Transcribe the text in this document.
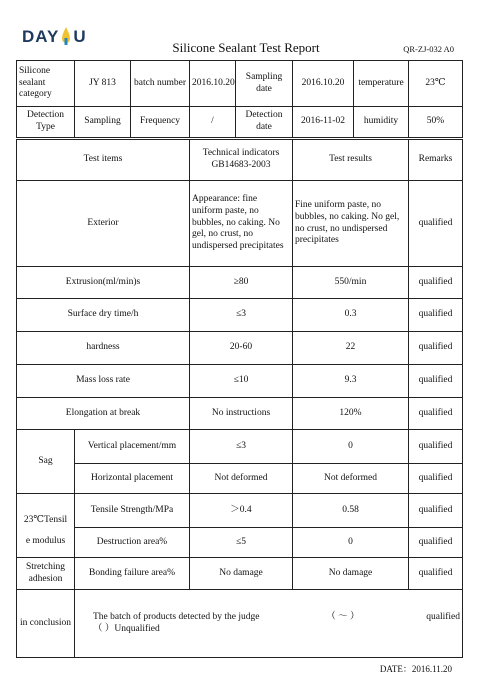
DAY U
Silicone Sealant Test Report	QR-ZJ-032 A0
Silicone sealant category	JY 813	batch number	2016.10.20	Sampling date	2016.10.20	temperature	23℃
Detection Type	Sampling	Frequency	/	Detection date	2016-11-02	humidity	50%
Test items			Technical indicators GB14683-2003		Test results		Remarks
Exterior			Appearance: fine uniform paste, no bubbles, no caking. No gel, no crust, no undispersed precipitates		Fine uniform paste, no bubbles, no caking. No gel, no crust, no undispersed precipitates		qualified
Extrusion(ml/min)s			≥80		550/min		qualified
Surface dry time/h			≤3		0.3		qualified
hardness			20-60		22		qualified
Mass loss rate			≤10		9.3		qualified
Elongation at break			No instructions		120%		qualified
Sag	Vertical placement/mm		≤3		0		qualified
	Horizontal placement		Not deformed		Not deformed		qualified
23℃Tensil	Tensile Strength/MPa		＞0.4		0.58		qualified
e modulus	Destruction area%		≤5		0		qualified
Stretching adhesion	Bonding failure area%		No damage		No damage		qualified
in conclusion	The batch of products detected by the judge （ ～ ） qualified
（ ）Unqualified						
DATE：2016.11.20
